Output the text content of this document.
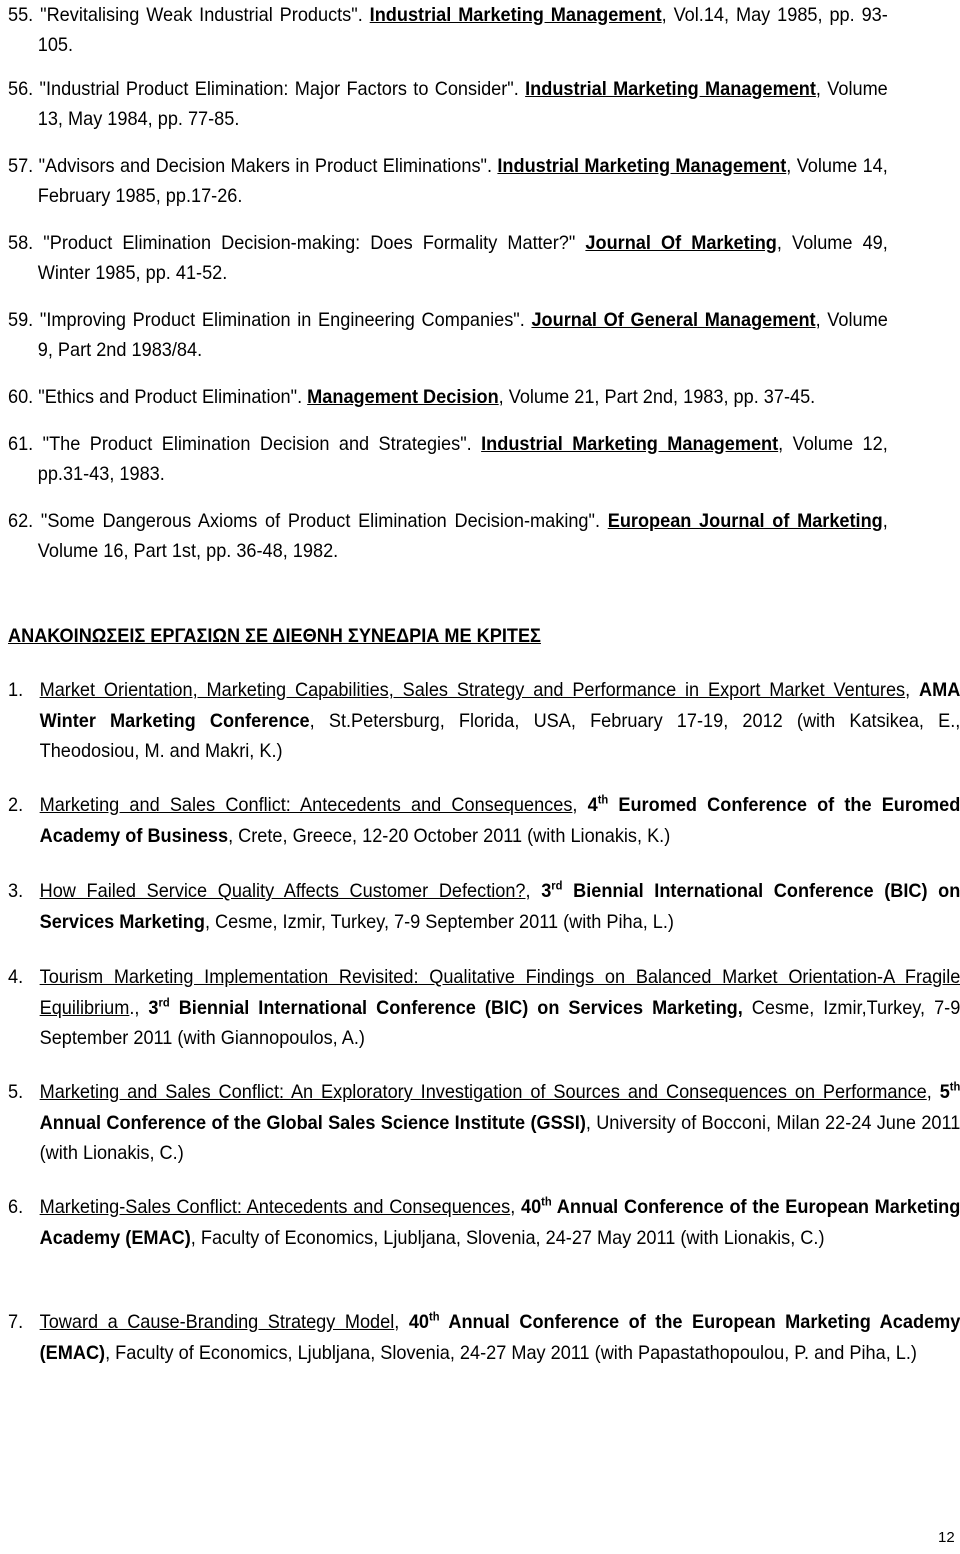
55. "Revitalising Weak Industrial Products". Industrial Marketing Management, Vol.14, May 1985, pp. 93-105.
56. "Industrial Product Elimination: Major Factors to Consider". Industrial Marketing Management, Volume 13, May 1984, pp. 77-85.
57. "Advisors and Decision Makers in Product Eliminations". Industrial Marketing Management, Volume 14, February 1985, pp.17-26.
58. "Product Elimination Decision-making: Does Formality Matter?" Journal Of Marketing, Volume 49, Winter 1985, pp. 41-52.
59. "Improving Product Elimination in Engineering Companies". Journal Of General Management, Volume 9, Part 2nd 1983/84.
60. "Ethics and Product Elimination". Management Decision, Volume 21, Part 2nd, 1983, pp. 37-45.
61. "The Product Elimination Decision and Strategies". Industrial Marketing Management, Volume 12, pp.31-43, 1983.
62. "Some Dangerous Axioms of Product Elimination Decision-making". European Journal of Marketing, Volume 16, Part 1st, pp. 36-48, 1982.
ΑΝΑΚΟΙΝΩΣΕΙΣ ΕΡΓΑΣΙΩΝ ΣΕ ΔΙΕΘΝΗ ΣΥΝΕΔΡΙΑ ΜΕ ΚΡΙΤΕΣ
1. Market Orientation, Marketing Capabilities, Sales Strategy and Performance in Export Market Ventures, AMA Winter Marketing Conference, St.Petersburg, Florida, USA, February 17-19, 2012 (with Katsikea, E., Theodosiou, M. and Makri, K.)
2. Marketing and Sales Conflict: Antecedents and Consequences, 4th Euromed Conference of the Euromed Academy of Business, Crete, Greece, 12-20 October 2011 (with Lionakis, K.)
3. How Failed Service Quality Affects Customer Defection?, 3rd Biennial International Conference (BIC) on Services Marketing, Cesme, Izmir, Turkey, 7-9 September 2011 (with Piha, L.)
4. Tourism Marketing Implementation Revisited: Qualitative Findings on Balanced Market Orientation-A Fragile Equilibrium., 3rd Biennial International Conference (BIC) on Services Marketing, Cesme, Izmir,Turkey, 7-9 September 2011 (with Giannopoulos, A.)
5. Marketing and Sales Conflict: An Exploratory Investigation of Sources and Consequences on Performance, 5th Annual Conference of the Global Sales Science Institute (GSSI), University of Bocconi, Milan 22-24 June 2011 (with Lionakis, C.)
6. Marketing-Sales Conflict: Antecedents and Consequences, 40th Annual Conference of the European Marketing Academy (EMAC), Faculty of Economics, Ljubljana, Slovenia, 24-27 May 2011 (with Lionakis, C.)
7. Toward a Cause-Branding Strategy Model, 40th Annual Conference of the European Marketing Academy (EMAC), Faculty of Economics, Ljubljana, Slovenia, 24-27 May 2011 (with Papastathopoulou, P. and Piha, L.)
12
